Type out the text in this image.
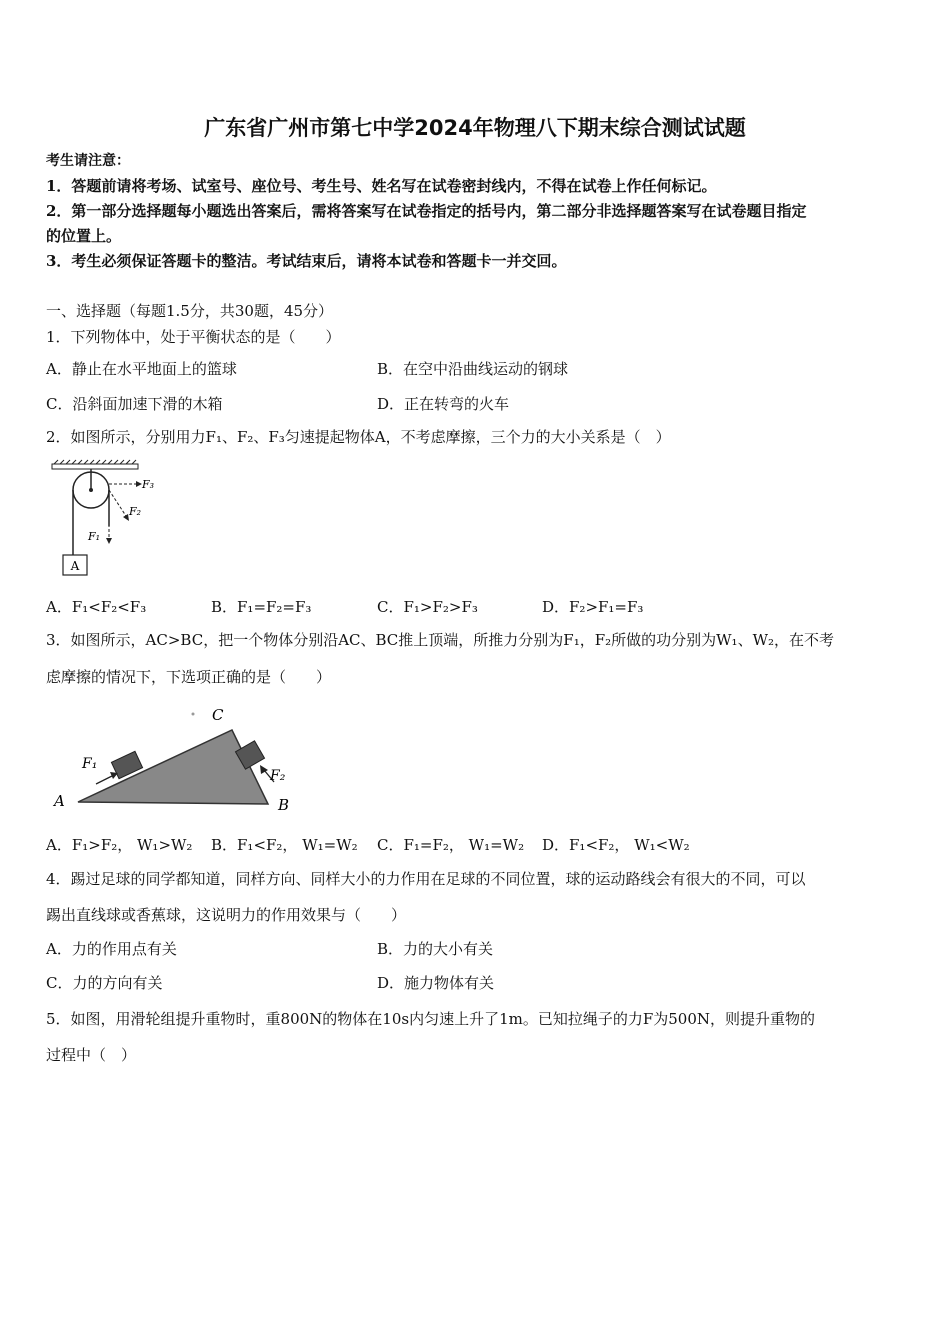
广东省广州市第七中学2024年物理八下期末综合测试试题
考生请注意：
1．答题前请将考场、试室号、座位号、考生号、姓名写在试卷密封线内，不得在试卷上作任何标记。
2．第一部分选择题每小题选出答案后，需将答案写在试卷指定的括号内，第二部分非选择题答案写在试卷题目指定
的位置上。
3．考生必须保证答题卡的整洁。考试结束后，请将本试卷和答题卡一并交回。
一、选择题（每题1.5分，共30题，45分）
1．下列物体中，处于平衡状态的是（　　）
A．静止在水平地面上的篮球	B．在空中沿曲线运动的钢球
C．沿斜面加速下滑的木箱	D．正在转弯的火车
2．如图所示，分别用力F₁、F₂、F₃匀速提起物体A，不考虑摩擦，三个力的大小关系是（　）
A
F₃
F₂
F₁
A．F₁<F₂<F₃	B．F₁=F₂=F₃	C．F₁>F₂>F₃	D．F₂>F₁=F₃
3．如图所示，AC>BC，把一个物体分别沿AC、BC推上顶端，所推力分别为F₁，F₂所做的功分别为W₁、W₂，在不考
虑摩擦的情况下，下选项正确的是（　　）
C
A	B
F₁
F₂
A．F₁>F₂， W₁>W₂ B．F₁<F₂， W₁=W₂ C．F₁=F₂， W₁=W₂ D．F₁<F₂， W₁<W₂
4．踢过足球的同学都知道，同样方向、同样大小的力作用在足球的不同位置，球的运动路线会有很大的不同，可以
踢出直线球或香蕉球，这说明力的作用效果与（　　）
A．力的作用点有关	B．力的大小有关
C．力的方向有关	D．施力物体有关
5．如图，用滑轮组提升重物时，重800N的物体在10s内匀速上升了1m。已知拉绳子的力F为500N，则提升重物的
过程中（　）
